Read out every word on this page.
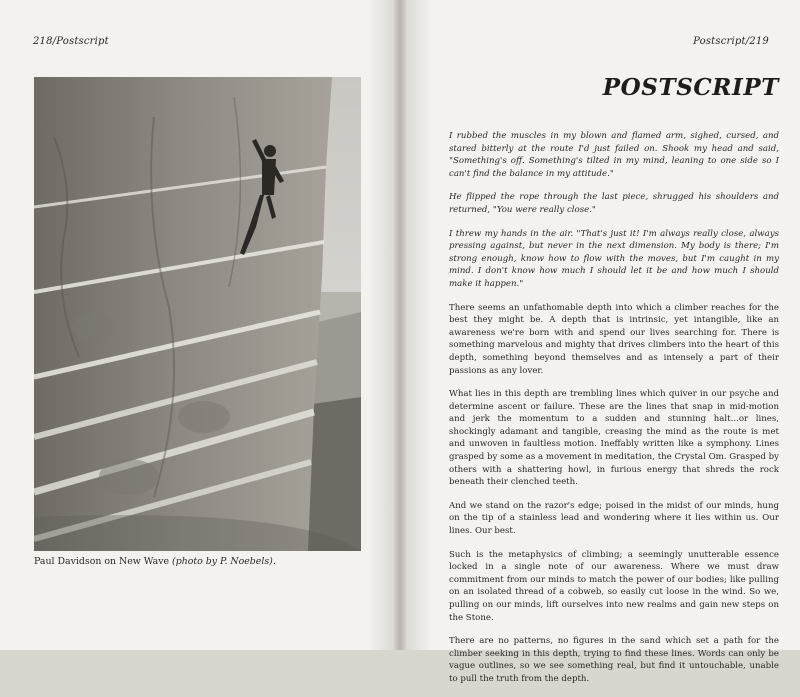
218/Postscript
Paul Davidson on New Wave (photo by P. Noebels).
Postscript/219
POSTSCRIPT

I rubbed the muscles in my blown and flamed arm, sighed, cursed, and stared bitterly at the route I'd just failed on. Shook my head and said, "Something's off. Something's tilted in my mind, leaning to one side so I can't find the balance in my attitude."

He flipped the rope through the last piece, shrugged his shoulders and returned, "You were really close."

I threw my hands in the air. "That's just it! I'm always really close, always pressing against, but never in the next dimension. My body is there; I'm strong enough, know how to flow with the moves, but I'm caught in my mind. I don't know how much I should let it be and how much I should make it happen."

There seems an unfathomable depth into which a climber reaches for the best they might be. A depth that is intrinsic, yet intangible, like an awareness we're born with and spend our lives searching for. There is something marvelous and mighty that drives climbers into the heart of this depth, something beyond themselves and as intensely a part of their passions as any lover.

What lies in this depth are trembling lines which quiver in our psyche and determine ascent or failure. These are the lines that snap in mid-motion and jerk the momentum to a sudden and stunning halt...or lines, shockingly adamant and tangible, creasing the mind as the route is met and unwoven in faultless motion. Ineffably written like a symphony. Lines grasped by some as a movement in meditation, the Crystal Om. Grasped by others with a shattering howl, in furious energy that shreds the rock beneath their clenched teeth.

And we stand on the razor's edge; poised in the midst of our minds, hung on the tip of a stainless lead and wondering where it lies within us. Our lines. Our best.

Such is the metaphysics of climbing; a seemingly unutterable essence locked in a single note of our awareness. Where we must draw commitment from our minds to match the power of our bodies; like pulling on an isolated thread of a cobweb, so easily cut loose in the wind. So we, pulling on our minds, lift ourselves into new realms and gain new steps on the Stone.

There are no patterns, no figures in the sand which set a path for the climber seeking in this depth, trying to find these lines. Words can only be vague outlines, so we see something real, but find it untouchable, unable to pull the truth from the depth.
